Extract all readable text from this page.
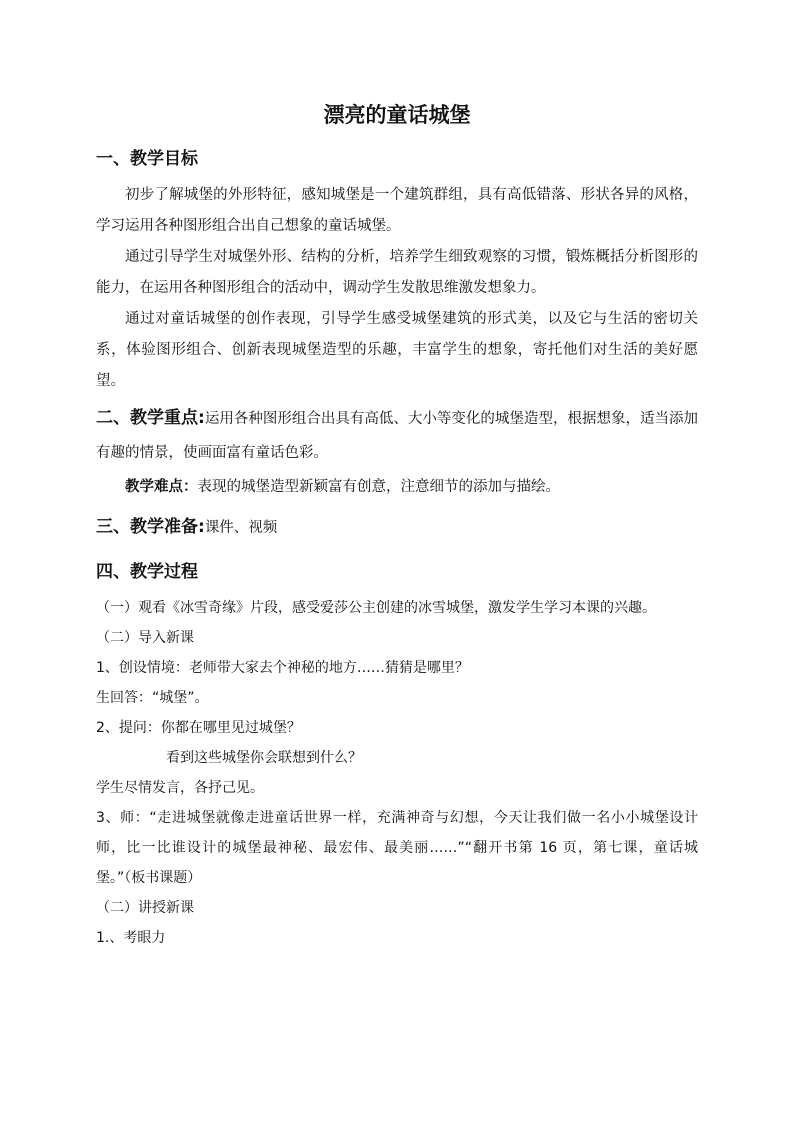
漂亮的童话城堡
一、教学目标

初步了解城堡的外形特征，感知城堡是一个建筑群组，具有高低错落、形状各异的风格，学习运用各种图形组合出自己想象的童话城堡。

通过引导学生对城堡外形、结构的分析，培养学生细致观察的习惯，锻炼概括分析图形的能力，在运用各种图形组合的活动中，调动学生发散思维激发想象力。

通过对童话城堡的创作表现，引导学生感受城堡建筑的形式美，以及它与生活的密切关系，体验图形组合、创新表现城堡造型的乐趣，丰富学生的想象，寄托他们对生活的美好愿望。

二、教学重点:运用各种图形组合出具有高低、大小等变化的城堡造型，根据想象，适当添加有趣的情景，使画面富有童话色彩。

教学难点：表现的城堡造型新颖富有创意，注意细节的添加与描绘。

三、教学准备:课件、视频

四、教学过程

（一）观看《冰雪奇缘》片段，感受爱莎公主创建的冰雪城堡，激发学生学习本课的兴趣。

（二）导入新课

1、创设情境：老师带大家去个神秘的地方……猜猜是哪里？

生回答：“城堡”。

2、提问：你都在哪里见过城堡？

看到这些城堡你会联想到什么？

学生尽情发言，各抒己见。

3、师：“走进城堡就像走进童话世界一样，充满神奇与幻想，今天让我们做一名小小城堡设计师，比一比谁设计的城堡最神秘、最宏伟、最美丽……”“翻开书第 16 页，第七课，童话城堡。”（板书课题）

（二）讲授新课

1.、考眼力
